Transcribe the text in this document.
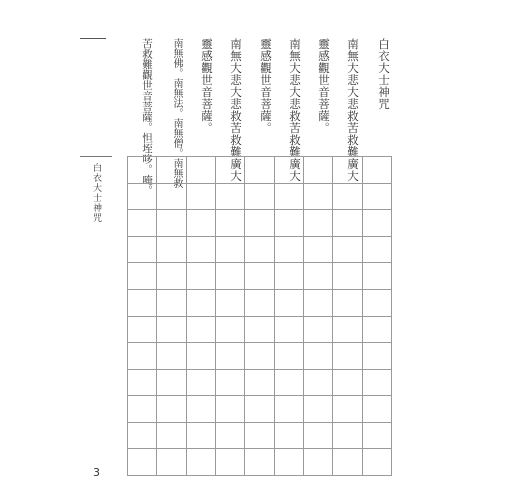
白衣大士神咒
南無大悲大悲救苦救難廣大
靈感觀世音菩薩。
南無大悲大悲救苦救難廣大
靈感觀世音菩薩。
南無大悲大悲救苦救難廣大
靈感觀世音菩薩。
南無佛。南無法。南無僧。南無救
苦救難觀世音菩薩。怛垤哆。唵。
白衣大士神咒
3
